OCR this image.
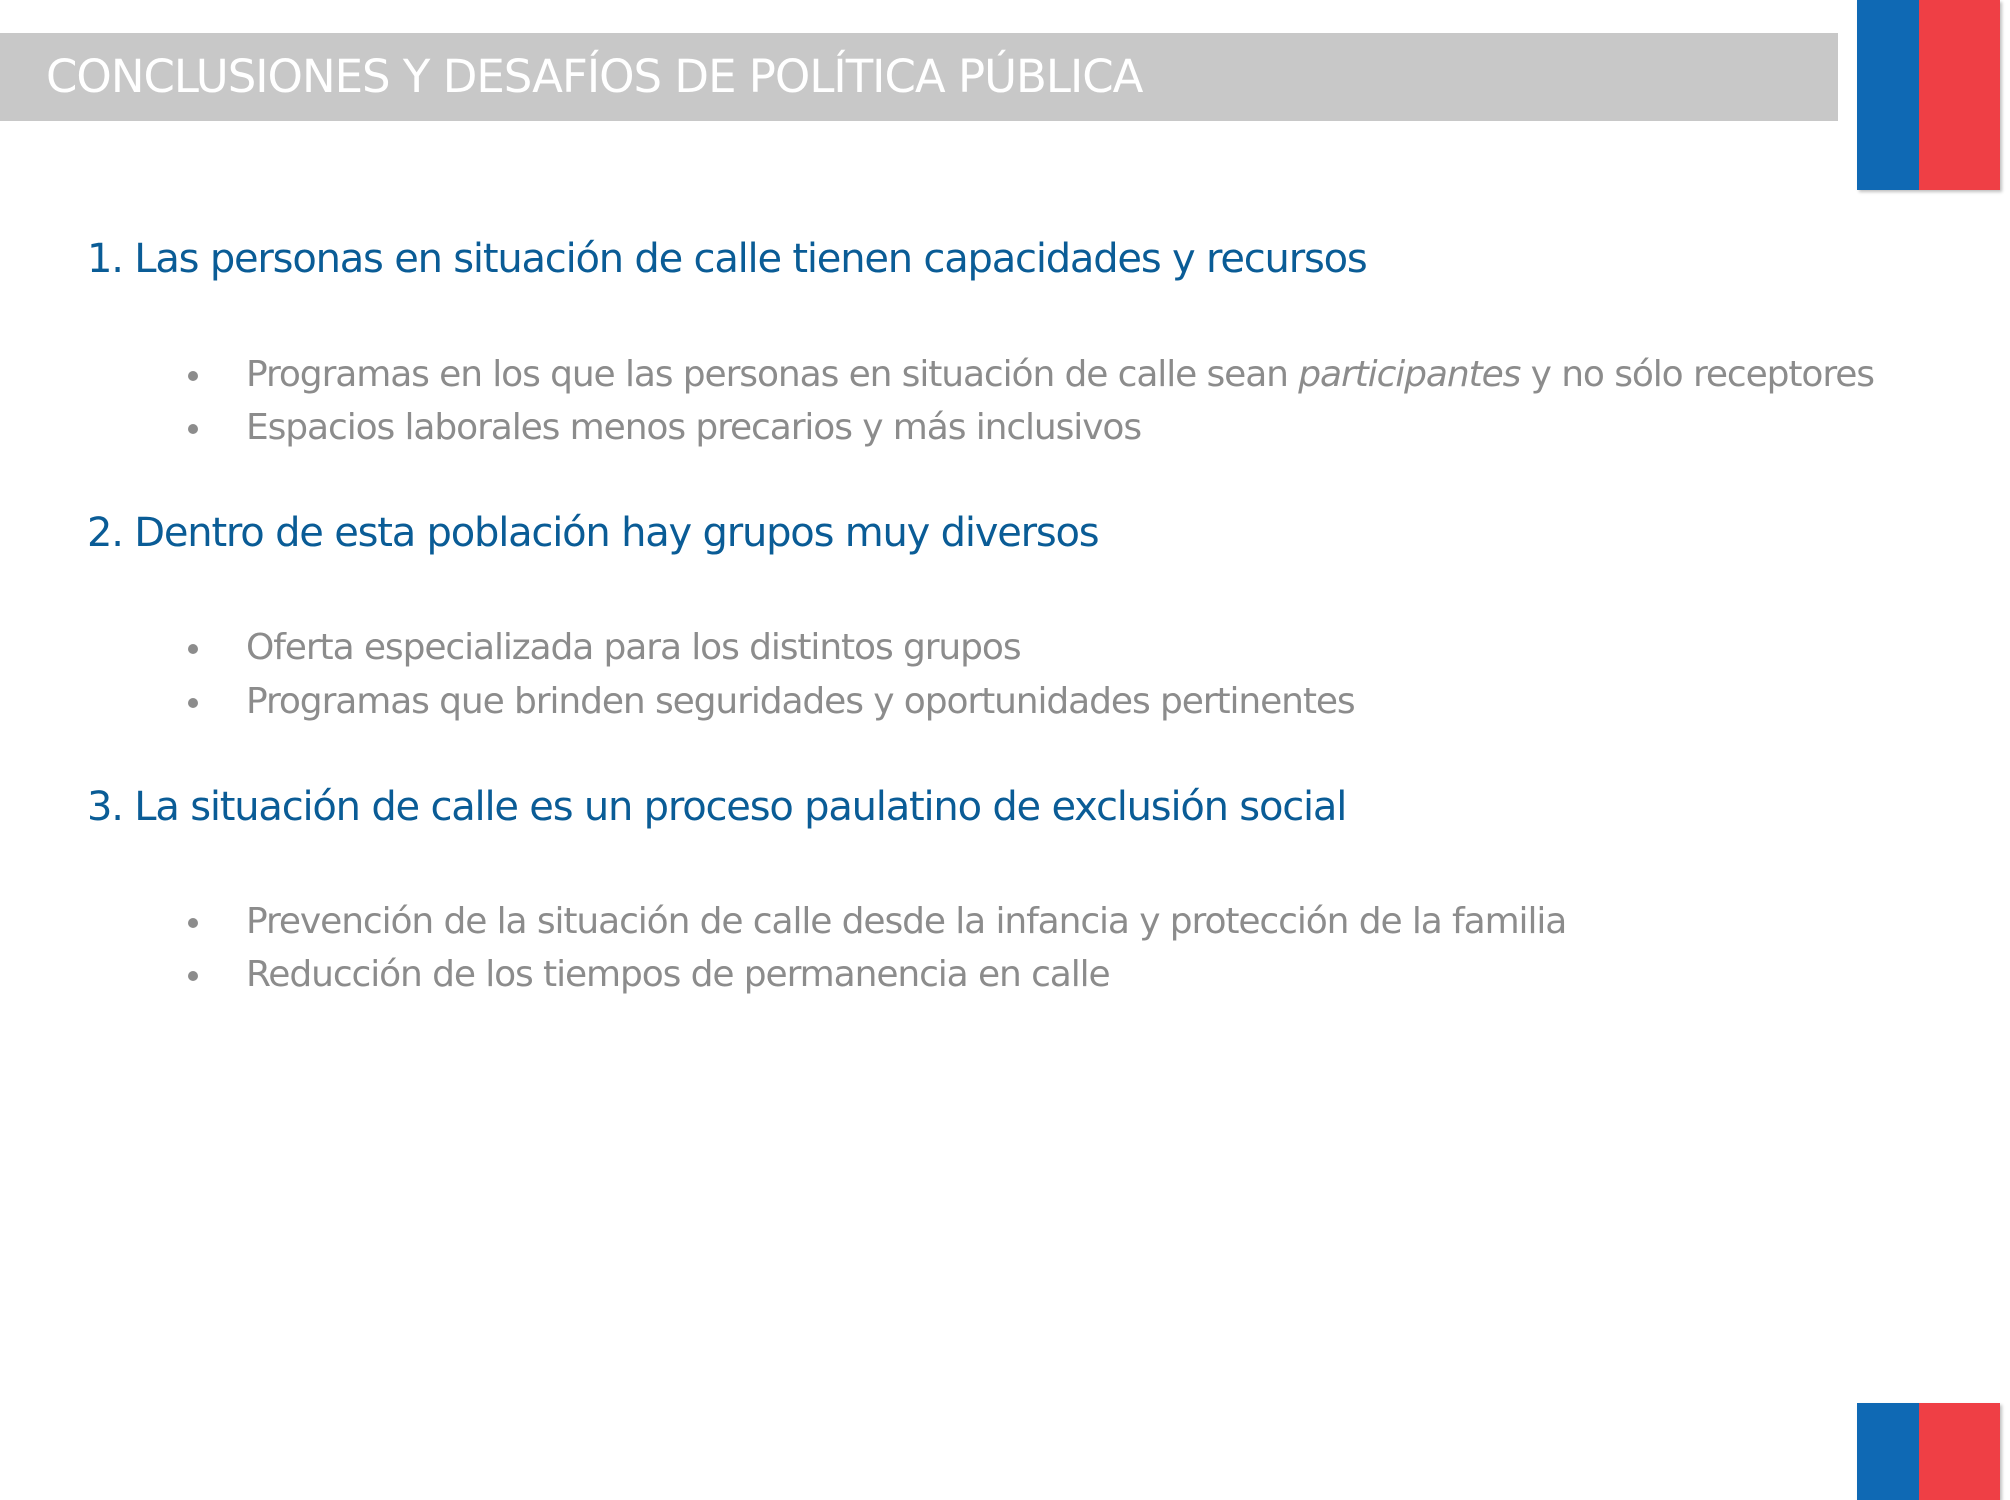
CONCLUSIONES Y DESAFÍOS DE POLÍTICA PÚBLICA
1. Las personas en situación de calle tienen capacidades y recursos
Programas en los que las personas en situación de calle sean participantes y no sólo receptores
Espacios laborales menos precarios y más inclusivos
2. Dentro de esta población hay grupos muy diversos
Oferta especializada para los distintos grupos
Programas que brinden seguridades y oportunidades pertinentes
3. La situación de calle es un proceso paulatino de exclusión social
Prevención de la situación de calle desde la infancia y protección de la familia
Reducción de los tiempos de permanencia en calle
